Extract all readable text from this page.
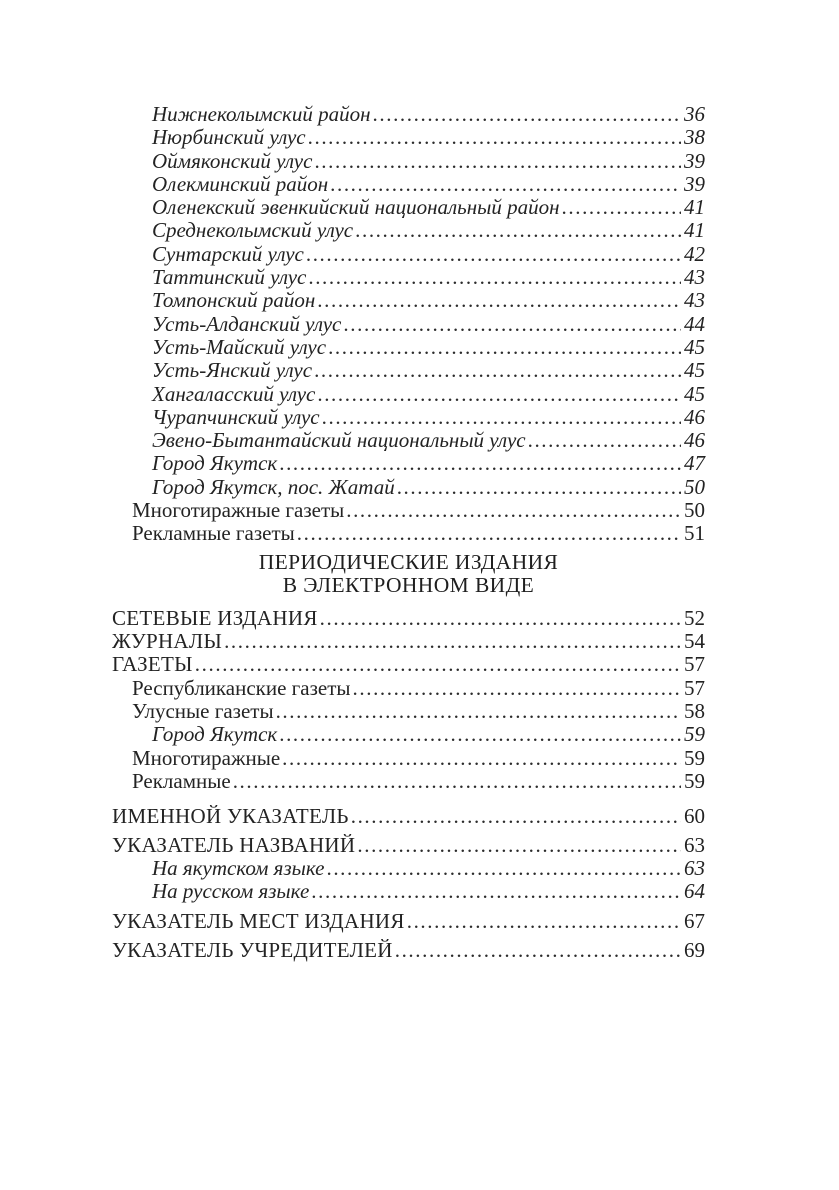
Нижнеколымский район .....	36
Нюрбинский улус .....	38
Оймяконский улус .....	39
Олекминский район .....	39
Оленекский эвенкийский национальный район .....	41
Среднеколымский улус .....	41
Сунтарский улус .....	42
Таттинский улус .....	43
Томпонский район .....	43
Усть-Алданский улус .....	44
Усть-Майский улус .....	45
Усть-Янский улус .....	45
Хангаласский улус .....	45
Чурапчинский улус .....	46
Эвено-Бытантайский национальный улус .....	46
Город Якутск .....	47
Город Якутск, пос. Жатай .....	50
Многотиражные газеты .....	50
Рекламные газеты .....	51
ПЕРИОДИЧЕСКИЕ ИЗДАНИЯ
В ЭЛЕКТРОННОМ ВИДЕ
СЕТЕВЫЕ ИЗДАНИЯ .....	52
ЖУРНАЛЫ .....	54
ГАЗЕТЫ .....	57
Республиканские газеты .....	57
Улусные газеты .....	58
Город Якутск .....	59
Многотиражные .....	59
Рекламные .....	59
ИМЕННОЙ УКАЗАТЕЛЬ .....	60
УКАЗАТЕЛЬ НАЗВАНИЙ .....	63
На якутском языке .....	63
На русском языке .....	64
УКАЗАТЕЛЬ МЕСТ ИЗДАНИЯ .....	67
УКАЗАТЕЛЬ УЧРЕДИТЕЛЕЙ .....	69
